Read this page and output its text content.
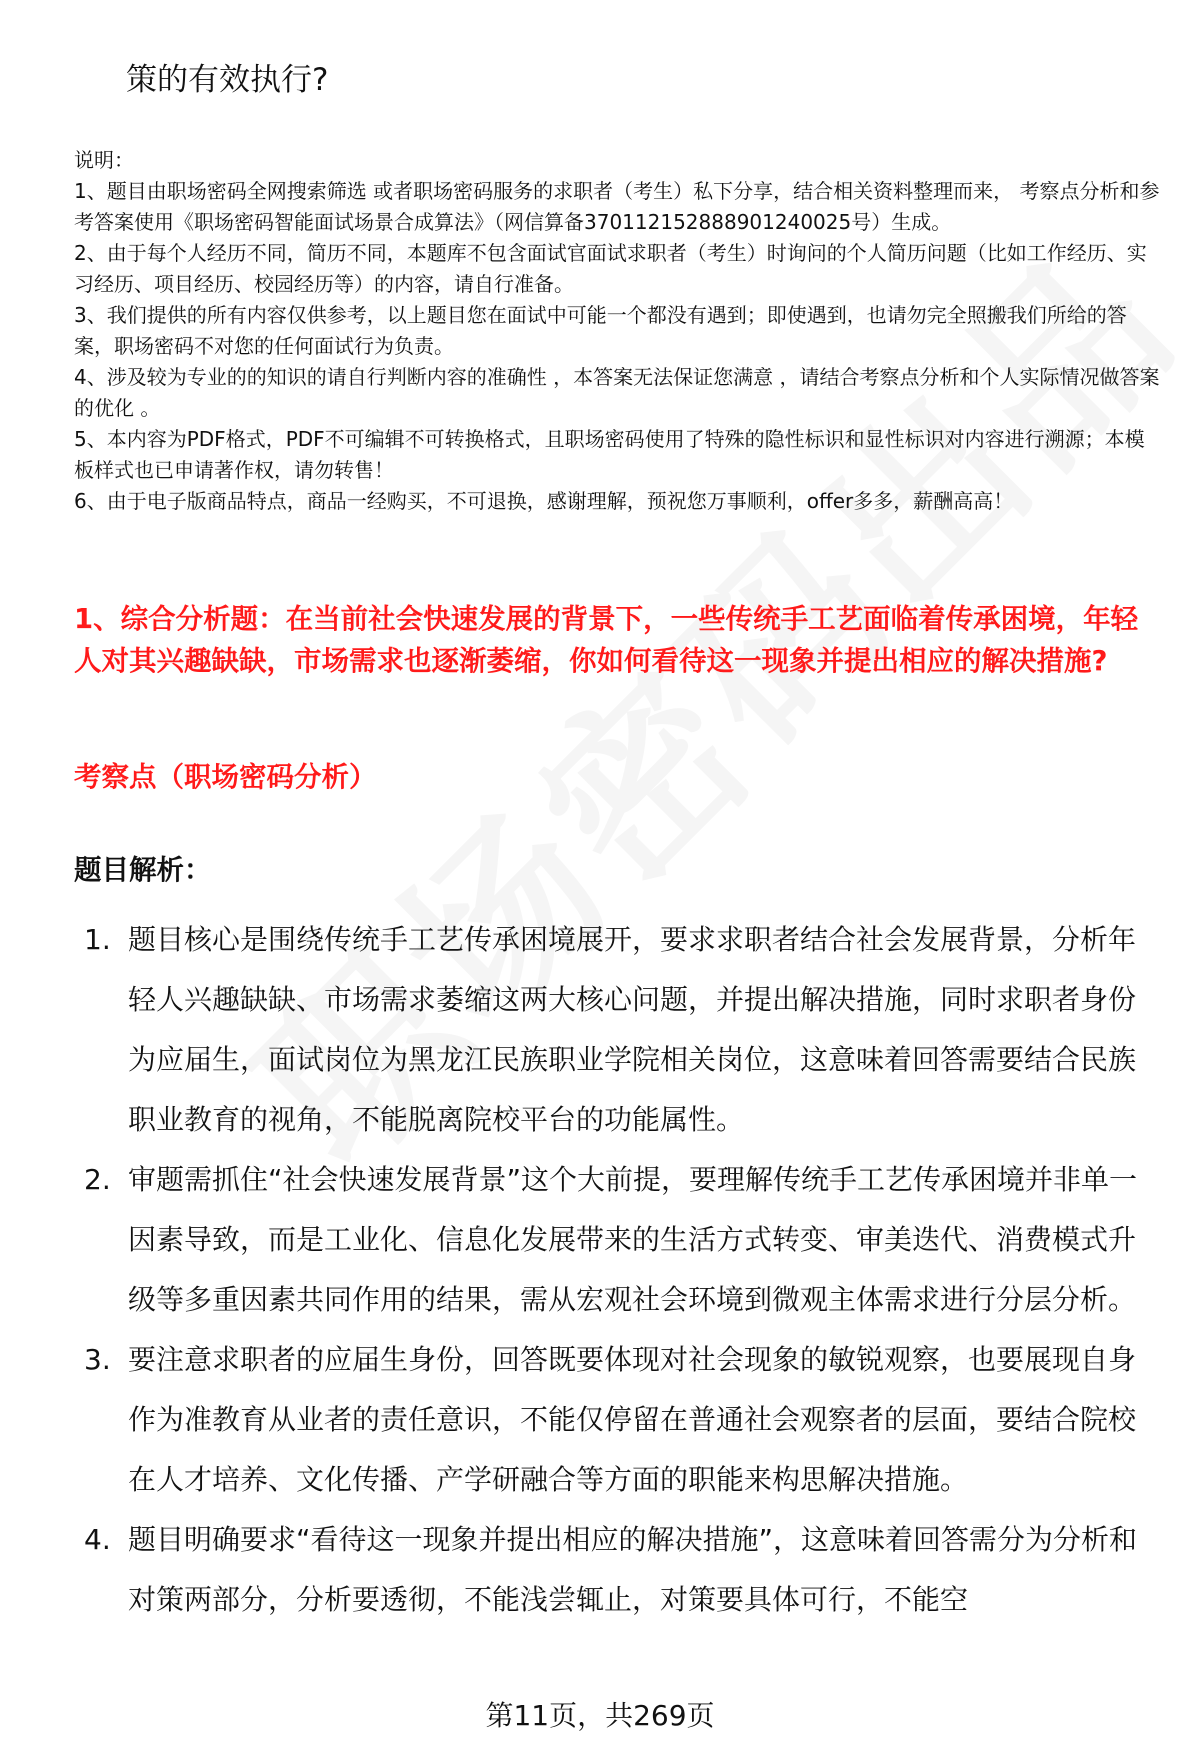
策的有效执行?

说明：

1、题目由职场密码全网搜索筛选 或者职场密码服务的求职者（考生）私下分享，结合相关资料整理而来， 考察点分析和参考答案使用《职场密码智能面试场景合成算法》（网信算备370112152888901240025号）生成。

2、由于每个人经历不同，简历不同，本题库不包含面试官面试求职者（考生）时询问的个人简历问题（比如工作经历、实习经历、项目经历、校园经历等）的内容，请自行准备。

3、我们提供的所有内容仅供参考，以上题目您在面试中可能一个都没有遇到；即使遇到，也请勿完全照搬我们所给的答案，职场密码不对您的任何面试行为负责。

4、涉及较为专业的的知识的请自行判断内容的准确性 ，本答案无法保证您满意 ，请结合考察点分析和个人实际情况做答案的优化 。

5、本内容为PDF格式，PDF不可编辑不可转换格式，且职场密码使用了特殊的隐性标识和显性标识对内容进行溯源；本模板样式也已申请著作权，请勿转售！

6、由于电子版商品特点，商品一经购买，不可退换，感谢理解，预祝您万事顺利，offer多多，薪酬高高！

1、综合分析题：在当前社会快速发展的背景下，一些传统手工艺面临着传承困境，年轻人对其兴趣缺缺，市场需求也逐渐萎缩，你如何看待这一现象并提出相应的解决措施?
考察点（职场密码分析）
题目解析：
1. 题目核心是围绕传统手工艺传承困境展开，要求求职者结合社会发展背景，分析年轻人兴趣缺缺、市场需求萎缩这两大核心问题，并提出解决措施，同时求职者身份为应届生，面试岗位为黑龙江民族职业学院相关岗位，这意味着回答需要结合民族职业教育的视角，不能脱离院校平台的功能属性。
2. 审题需抓住“社会快速发展背景”这个大前提，要理解传统手工艺传承困境并非单一因素导致，而是工业化、信息化发展带来的生活方式转变、审美迭代、消费模式升级等多重因素共同作用的结果，需从宏观社会环境到微观主体需求进行分层分析。
3. 要注意求职者的应届生身份，回答既要体现对社会现象的敏锐观察，也要展现自身作为准教育从业者的责任意识，不能仅停留在普通社会观察者的层面，要结合院校在人才培养、文化传播、产学研融合等方面的职能来构思解决措施。
4. 题目明确要求“看待这一现象并提出相应的解决措施”，这意味着回答需分为分析和对策两部分，分析要透彻，不能浅尝辄止，对策要具体可行，不能空
第11页，共269页
